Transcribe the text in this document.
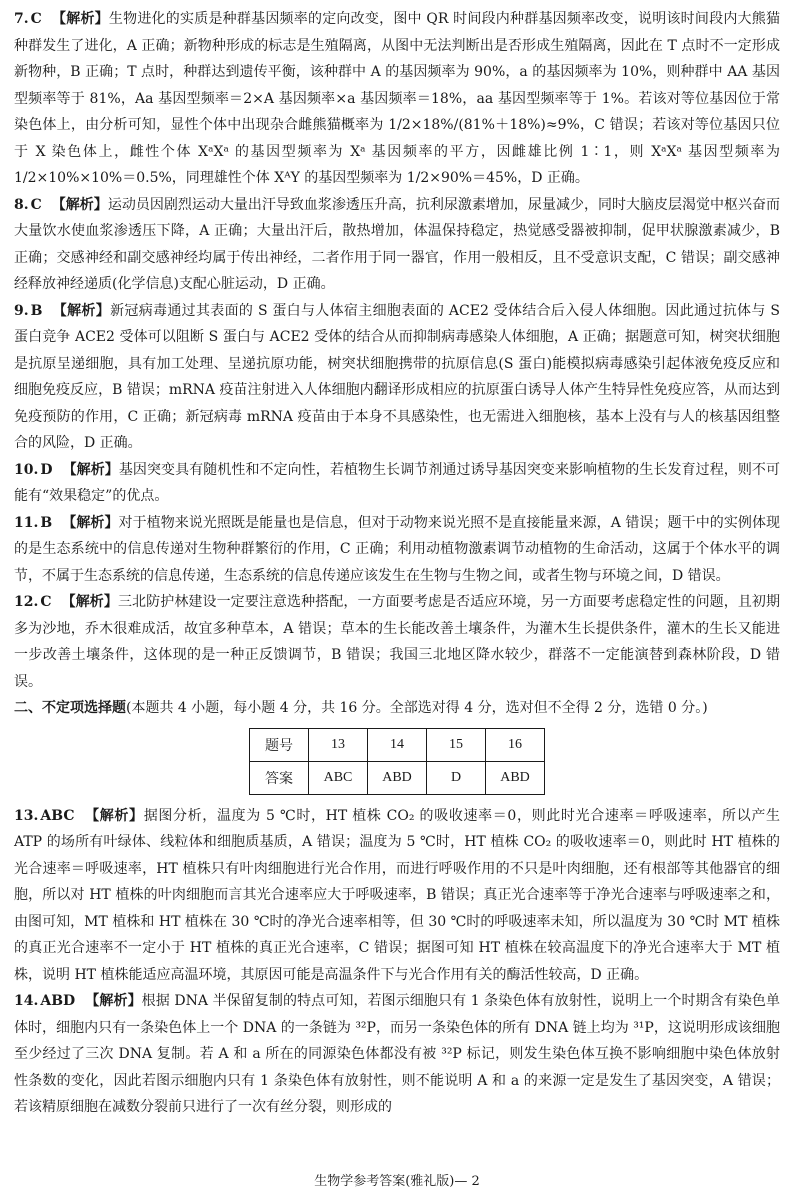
7. C 【解析】生物进化的实质是种群基因频率的定向改变，图中 QR 时间段内种群基因频率改变，说明该时间段内大熊猫种群发生了进化，A 正确；新物种形成的标志是生殖隔离，从图中无法判断出是否形成生殖隔离，因此在 T 点时不一定形成新物种，B 正确；T 点时，种群达到遗传平衡，该种群中 A 的基因频率为 90%，a 的基因频率为 10%，则种群中 AA 基因型频率等于 81%，Aa 基因型频率＝2×A 基因频率×a 基因频率＝18%，aa 基因型频率等于 1%。若该对等位基因位于常染色体上，由分析可知，显性个体中出现杂合雌熊猫概率为 1/2×18%/(81%＋18%)≈9%，C 错误；若该对等位基因只位于 X 染色体上，雌性个体 XᵃXᵃ 的基因型频率为 Xᵃ 基因频率的平方，因雌雄比例 1∶1，则 XᵃXᵃ 基因型频率为 1/2×10%×10%＝0.5%，同理雄性个体 XᴬY 的基因型频率为 1/2×90%＝45%，D 正确。
8. C 【解析】运动员因剧烈运动大量出汗导致血浆渗透压升高，抗利尿激素增加，尿量减少，同时大脑皮层渴觉中枢兴奋而大量饮水使血浆渗透压下降，A 正确；大量出汗后，散热增加，体温保持稳定，热觉感受器被抑制，促甲状腺激素减少，B 正确；交感神经和副交感神经均属于传出神经，二者作用于同一器官，作用一般相反，且不受意识支配，C 错误；副交感神经释放神经递质(化学信息)支配心脏运动，D 正确。
9. B 【解析】新冠病毒通过其表面的 S 蛋白与人体宿主细胞表面的 ACE2 受体结合后入侵人体细胞。因此通过抗体与 S 蛋白竞争 ACE2 受体可以阻断 S 蛋白与 ACE2 受体的结合从而抑制病毒感染人体细胞，A 正确；据题意可知，树突状细胞是抗原呈递细胞，具有加工处理、呈递抗原功能，树突状细胞携带的抗原信息(S 蛋白)能模拟病毒感染引起体液免疫反应和细胞免疫反应，B 错误；mRNA 疫苗注射进入人体细胞内翻译形成相应的抗原蛋白诱导人体产生特异性免疫应答，从而达到免疫预防的作用，C 正确；新冠病毒 mRNA 疫苗由于本身不具感染性，也无需进入细胞核，基本上没有与人的核基因组整合的风险，D 正确。
10. D 【解析】基因突变具有随机性和不定向性，若植物生长调节剂通过诱导基因突变来影响植物的生长发育过程，则不可能有“效果稳定”的优点。
11. B 【解析】对于植物来说光照既是能量也是信息，但对于动物来说光照不是直接能量来源，A 错误；题干中的实例体现的是生态系统中的信息传递对生物种群繁衍的作用，C 正确；利用动植物激素调节动植物的生命活动，这属于个体水平的调节，不属于生态系统的信息传递，生态系统的信息传递应该发生在生物与生物之间，或者生物与环境之间，D 错误。
12. C 【解析】三北防护林建设一定要注意选种搭配，一方面要考虑是否适应环境，另一方面要考虑稳定性的问题，且初期多为沙地，乔木很难成活，故宜多种草本，A 错误；草本的生长能改善土壤条件，为灌木生长提供条件，灌木的生长又能进一步改善土壤条件，这体现的是一种正反馈调节，B 错误；我国三北地区降水较少，群落不一定能演替到森林阶段，D 错误。
二、不定项选择题(本题共 4 小题，每小题 4 分，共 16 分。全部选对得 4 分，选对但不全得 2 分，选错 0 分。)
题号	13	14	15	16
答案	ABC	ABD	D	ABD
13. ABC 【解析】据图分析，温度为 5 ℃时，HT 植株 CO₂ 的吸收速率＝0，则此时光合速率＝呼吸速率，所以产生 ATP 的场所有叶绿体、线粒体和细胞质基质，A 错误；温度为 5 ℃时，HT 植株 CO₂ 的吸收速率＝0，则此时 HT 植株的光合速率＝呼吸速率，HT 植株只有叶肉细胞进行光合作用，而进行呼吸作用的不只是叶肉细胞，还有根部等其他器官的细胞，所以对 HT 植株的叶肉细胞而言其光合速率应大于呼吸速率，B 错误；真正光合速率等于净光合速率与呼吸速率之和，由图可知，MT 植株和 HT 植株在 30 ℃时的净光合速率相等，但 30 ℃时的呼吸速率未知，所以温度为 30 ℃时 MT 植株的真正光合速率不一定小于 HT 植株的真正光合速率，C 错误；据图可知 HT 植株在较高温度下的净光合速率大于 MT 植株，说明 HT 植株能适应高温环境，其原因可能是高温条件下与光合作用有关的酶活性较高，D 正确。
14. ABD 【解析】根据 DNA 半保留复制的特点可知，若图示细胞只有 1 条染色体有放射性，说明上一个时期含有染色单体时，细胞内只有一条染色体上一个 DNA 的一条链为 ³²P，而另一条染色体的所有 DNA 链上均为 ³¹P，这说明形成该细胞至少经过了三次 DNA 复制。若 A 和 a 所在的同源染色体都没有被 ³²P 标记，则发生染色体互换不影响细胞中染色体放射性条数的变化，因此若图示细胞内只有 1 条染色体有放射性，则不能说明 A 和 a 的来源一定是发生了基因突变，A 错误；若该精原细胞在减数分裂前只进行了一次有丝分裂，则形成的
生物学参考答案(雅礼版)— 2
